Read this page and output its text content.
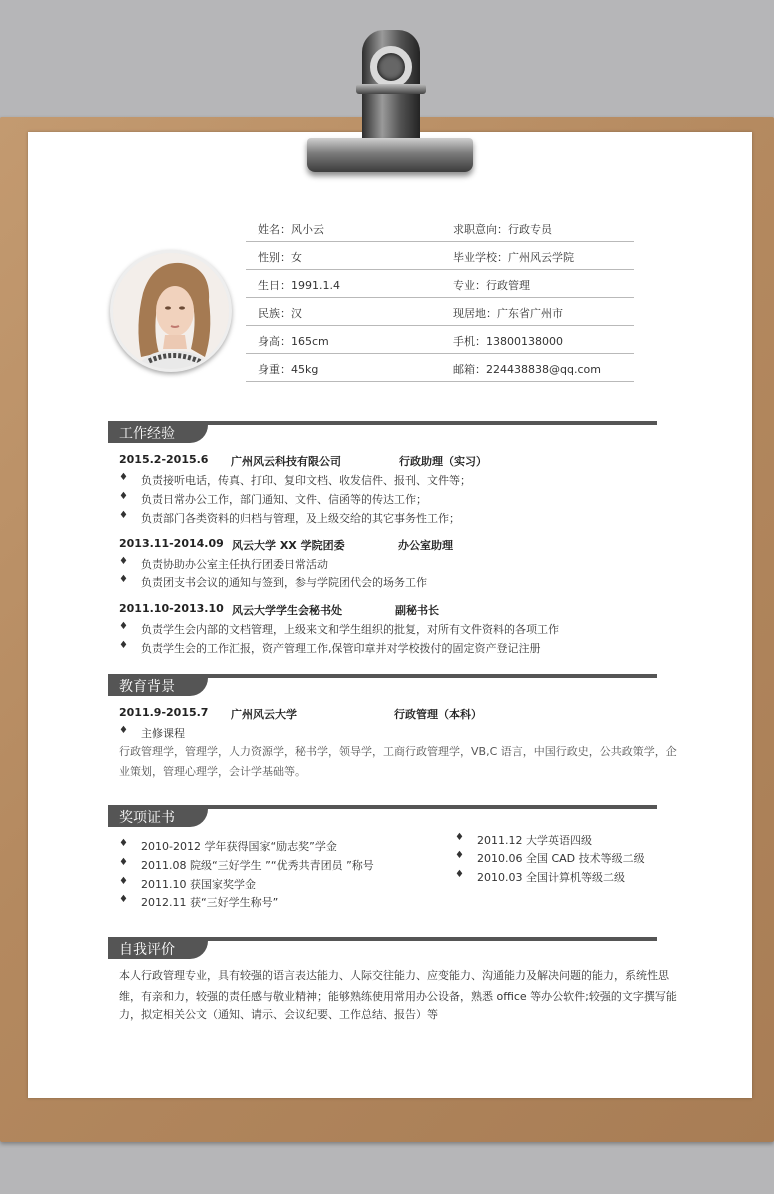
姓名：风小云	求职意向：行政专员
性别：女	毕业学校：广州风云学院
生日：1991.1.4	专业：行政管理
民族：汉	现居地：广东省广州市
身高：165cm	手机：13800138000
身重：45kg	邮箱：224438838@qq.com
工作经验
2015.2-2015.6 广州风云科技有限公司	行政助理（实习）
♦ 负责接听电话，传真、打印、复印文档、收发信件、报刊、文件等；
♦ 负责日常办公工作，部门通知、文件、信函等的传达工作；
♦ 负责部门各类资料的归档与管理，及上级交给的其它事务性工作；
2013.11-2014.09 风云大学 XX 学院团委	办公室助理
♦ 负责协助办公室主任执行团委日常活动
♦ 负责团支书会议的通知与签到，参与学院团代会的场务工作
2011.10-2013.10 风云大学学生会秘书处	副秘书长
♦ 负责学生会内部的文档管理，上级来文和学生组织的批复，对所有文件资料的各项工作
♦ 负责学生会的工作汇报，资产管理工作,保管印章并对学校拨付的固定资产登记注册
教育背景
2011.9-2015.7 广州风云大学	行政管理（本科）
♦ 主修课程
行政管理学，管理学，人力资源学，秘书学，领导学，工商行政管理学，VB,C 语言，中国行政史，公共政策学，企
业策划，管理心理学，会计学基础等。
奖项证书
♦ 2010-2012 学年获得国家“励志奖”学金
♦ 2011.08 院级“三好学生 ”“优秀共青团员 ”称号
♦ 2011.10 获国家奖学金
♦ 2012.11 获“三好学生称号”
♦ 2011.12 大学英语四级
♦ 2010.06 全国 CAD 技术等级二级
♦ 2010.03 全国计算机等级二级
自我评价
本人行政管理专业，具有较强的语言表达能力、人际交往能力、应变能力、沟通能力及解决问题的能力，系统性思
维，有亲和力，较强的责任感与敬业精神；能够熟练使用常用办公设备，熟悉 office 等办公软件;较强的文字撰写能
力，拟定相关公文（通知、请示、会议纪要、工作总结、报告）等
